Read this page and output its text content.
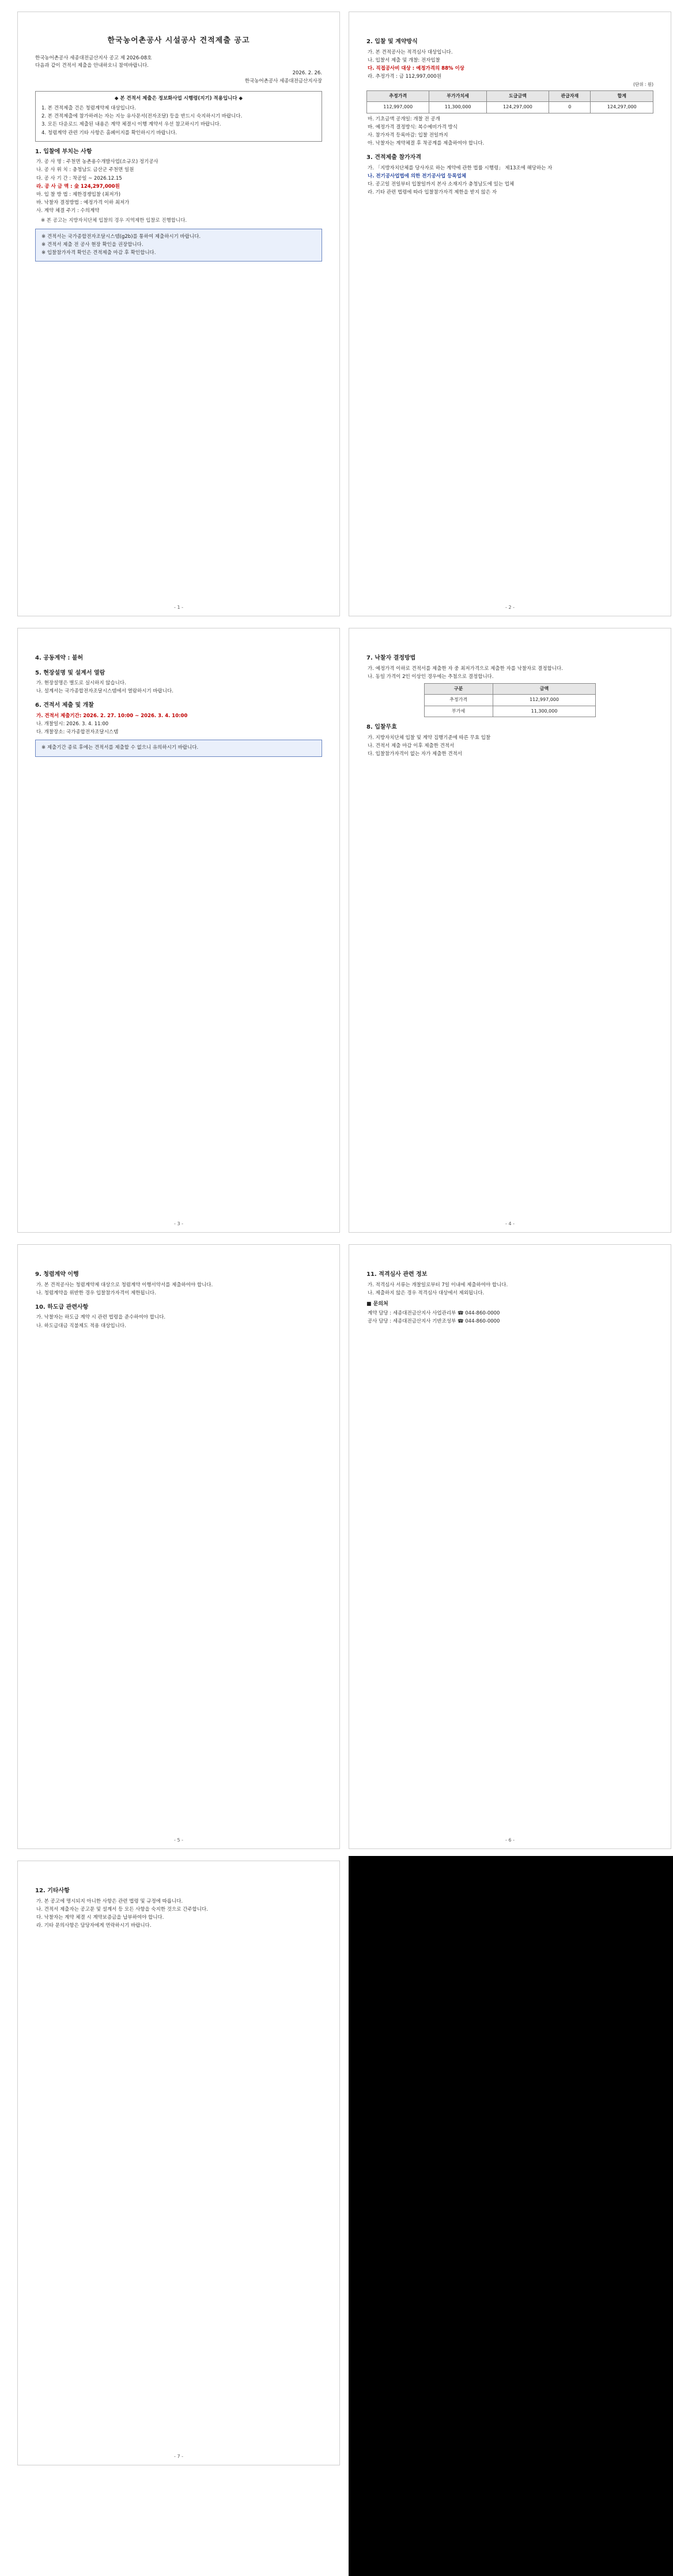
한국농어촌공사 시설공사 견적제출 공고
한국농어촌공사 세종대전금산지사 공고 제 2026-08호
다음과 같이 견적서 제출을 안내하오니 참여바랍니다.
2026. 2. 26.
한국농어촌공사 세종대전금산지사장
◆ 본 견적서 제출은 정보화사업 시행령(지기) 적용입니다 ◆
1. 본 견적제출 건은 청렴계약제 대상입니다.
2. 본 견적제출에 참가하려는 자는 지능 유사문서(전자조달) 등을 반드시 숙지하시기 바랍니다.
3. 모든 다운로드 제출된 내용은 계약 체결시 이행 계약서 우선 참고하시기 바랍니다.
4. 청렴계약 관련 기타 사항은 홈페이지를 확인하시기 바랍니다.
1. 입찰에 부치는 사항
가. 공 사 명 : 주천면 농촌용수개발사업(소규모) 정기공사
나. 공 사 위 치 : 충청남도 금산군 주천면 일원
다. 공 사 기 간 : 착공일 ~ 2026.12.15
라. 공 사 금 액 : 金 124,297,000원
마. 입 찰 방 법 : 제한경쟁입찰 (최저가)
바. 낙찰자 결정방법 : 예정가격 이하 최저가
사. 계약 체결 주기 : 수의계약
※ 본 공고는 지방자치단체 입찰의 경우 지역제한 입찰로 진행합니다.
※ 견적서는 국가종합전자조달시스템(g2b)를 통하여 제출하시기 바랍니다.
※ 견적서 제출 전 공사 현장 확인을 권장합니다.
※ 입찰참가자격 확인은 견적제출 마감 후 확인합니다.
- 1 -
2. 입찰 및 계약방식
가. 본 견적공사는 적격심사 대상입니다.
나. 입찰서 제출 및 개찰: 전자입찰
다. 직접공사비 대상 : 예정가격의 88% 이상
라. 추정가격 : 금 112,997,000원
(단위 : 원)
추정가격	부가가치세	도급금액	관급자재	합계
112,997,000	11,300,000	124,297,000	0	124,297,000
마. 기초금액 공개일: 개찰 전 공개
바. 예정가격 결정방식: 복수예비가격 방식
사. 참가자격 등록마감: 입찰 전일까지
아. 낙찰자는 계약체결 후 착공계를 제출하여야 합니다.
3. 견적제출 참가자격
가. 「지방자치단체를 당사자로 하는 계약에 관한 법률 시행령」 제13조에 해당하는 자
나. 전기공사업법에 의한 전기공사업 등록업체
다. 공고일 전일부터 입찰일까지 본사 소재지가 충청남도에 있는 업체
라. 기타 관련 법령에 따라 입찰참가자격 제한을 받지 않은 자
- 2 -
4. 공동계약 : 불허
5. 현장설명 및 설계서 열람
가. 현장설명은 별도로 실시하지 않습니다.
나. 설계서는 국가종합전자조달시스템에서 열람하시기 바랍니다.
6. 견적서 제출 및 개찰
가. 견적서 제출기간: 2026. 2. 27. 10:00 ~ 2026. 3. 4. 10:00
나. 개찰일시: 2026. 3. 4. 11:00
다. 개찰장소: 국가종합전자조달시스템
※ 제출기간 종료 후에는 견적서를 제출할 수 없으니 유의하시기 바랍니다.
- 3 -
7. 낙찰자 결정방법
가. 예정가격 이하로 견적서를 제출한 자 중 최저가격으로 제출한 자를 낙찰자로 결정합니다.
나. 동일 가격이 2인 이상인 경우에는 추첨으로 결정합니다.
구분	금액
추정가격	112,997,000
부가세	11,300,000
8. 입찰무효
가. 지방자치단체 입찰 및 계약 집행기준에 따른 무효 입찰
나. 견적서 제출 마감 이후 제출한 견적서
다. 입찰참가자격이 없는 자가 제출한 견적서
- 4 -
9. 청렴계약 이행
가. 본 견적공사는 청렴계약제 대상으로 청렴계약 이행서약서를 제출하여야 합니다.
나. 청렴계약을 위반한 경우 입찰참가자격이 제한됩니다.
10. 하도급 관련사항
가. 낙찰자는 하도급 계약 시 관련 법령을 준수하여야 합니다.
나. 하도급대금 직불제도 적용 대상입니다.
- 5 -
11. 적격심사 관련 정보
가. 적격심사 서류는 개찰일로부터 7일 이내에 제출하여야 합니다.
나. 제출하지 않은 경우 적격심사 대상에서 제외됩니다.
■ 문의처
계약 담당 : 세종대전금산지사 사업관리부 ☎ 044-860-0000
공사 담당 : 세종대전금산지사 기반조성부 ☎ 044-860-0000
- 6 -
12. 기타사항
가. 본 공고에 명시되지 아니한 사항은 관련 법령 및 규정에 따릅니다.
나. 견적서 제출자는 공고문 및 설계서 등 모든 사항을 숙지한 것으로 간주합니다.
다. 낙찰자는 계약 체결 시 계약보증금을 납부하여야 합니다.
라. 기타 문의사항은 담당자에게 연락하시기 바랍니다.
- 7 -
